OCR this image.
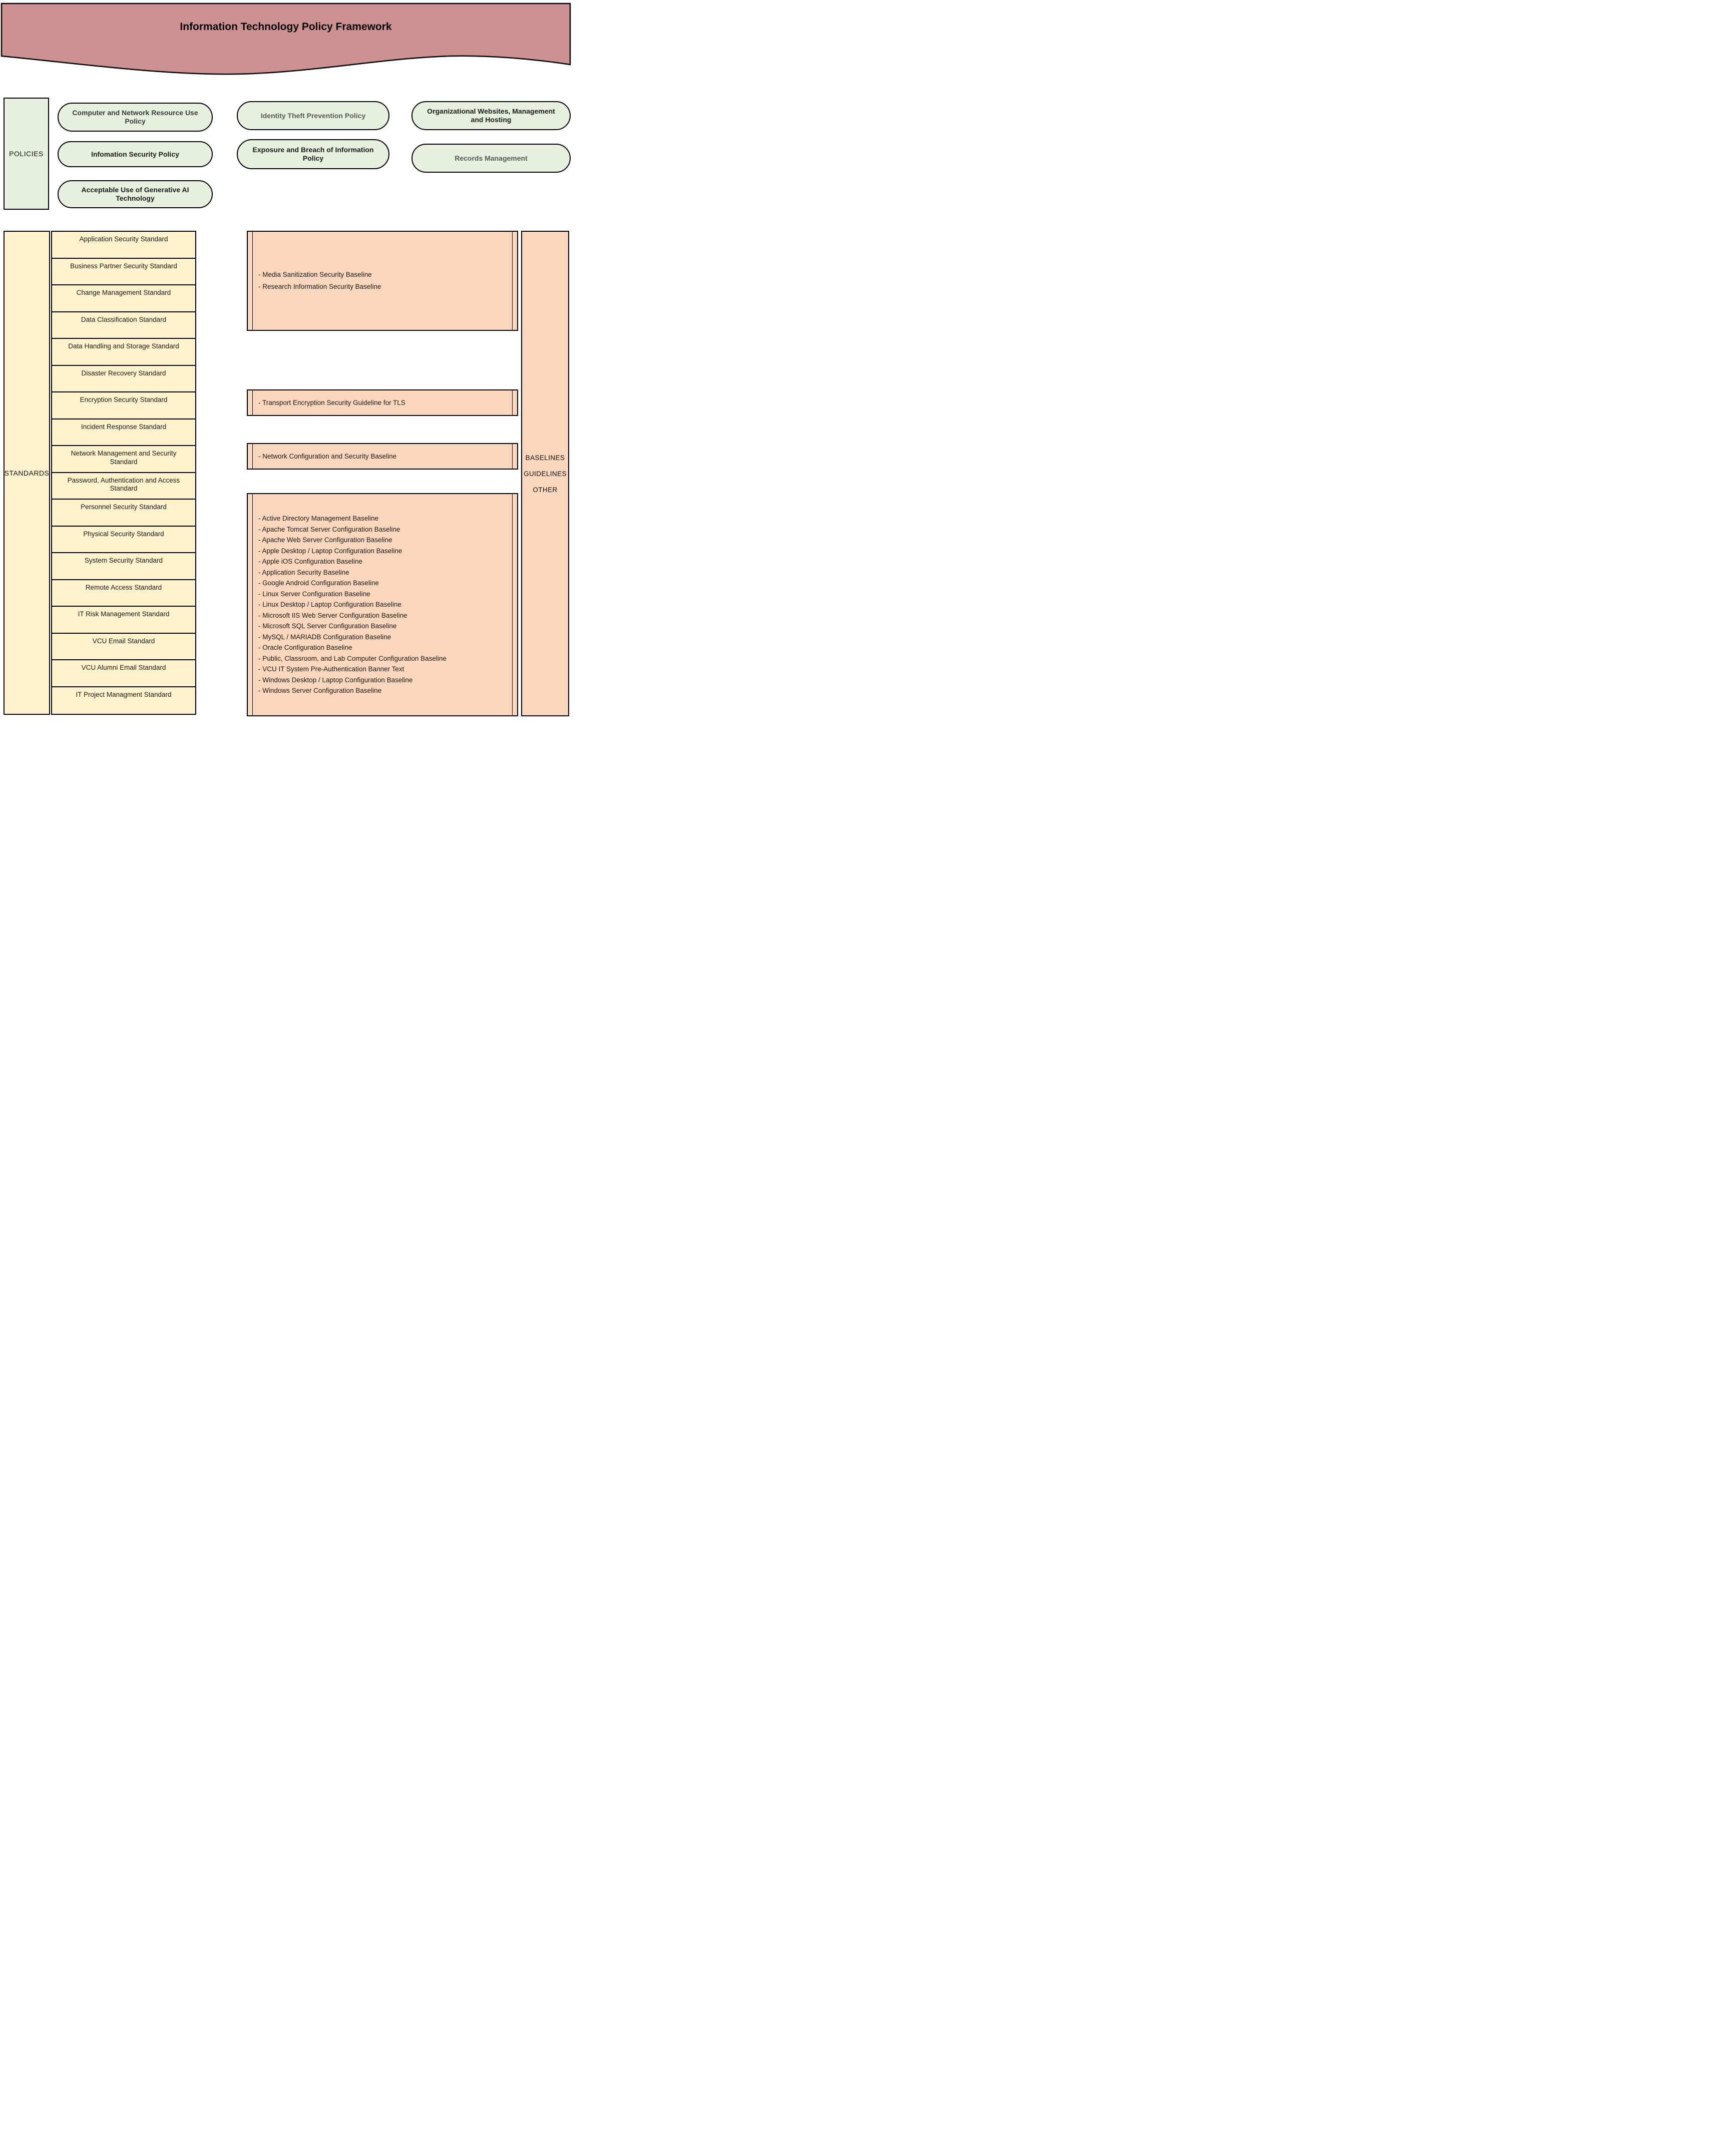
Information Technology Policy Framework
POLICIES
Computer and Network Resource Use Policy
Infomation Security Policy
Acceptable Use of Generative AI Technology
Identity Theft Prevention Policy
Exposure and Breach of Information Policy
Organizational Websites, Management and Hosting
Records Management
STANDARDS
Application Security Standard
Business Partner Security Standard
Change Management Standard
Data Classification Standard
Data Handling and Storage Standard
Disaster Recovery Standard
Encryption Security Standard
Incident Response Standard
Network Management and Security Standard
Password, Authentication and Access Standard
Personnel Security Standard
Physical Security Standard
System Security Standard
Remote Access Standard
IT Risk Management Standard
VCU Email Standard
VCU Alumni Email Standard
IT Project Managment Standard
- Media Sanitization Security Baseline
- Research Information Security Baseline
- Transport Encryption Security Guideline for TLS
- Network Configuration and Security Baseline
- Active Directory Management Baseline
- Apache Tomcat Server Configuration Baseline
- Apache Web Server Configuration Baseline
- Apple Desktop / Laptop Configuration Baseline
- Apple iOS Configuration Baseline
- Application Security Baseline
- Google Android Configuration Baseline
- Linux Server Configuration Baseline
- Linux Desktop / Laptop Configuration Baseline
- Microsoft IIS Web Server Configuration Baseline
- Microsoft SQL Server Configuration Baseline
- MySQL / MARIADB Configuration Baseline
- Oracle Configuration Baseline
- Public, Classroom, and Lab Computer Configuration Baseline
- VCU IT System Pre-Authentication Banner Text
- Windows Desktop / Laptop Configuration Baseline
- Windows Server Configuration Baseline
BASELINES
GUIDELINES
OTHER
